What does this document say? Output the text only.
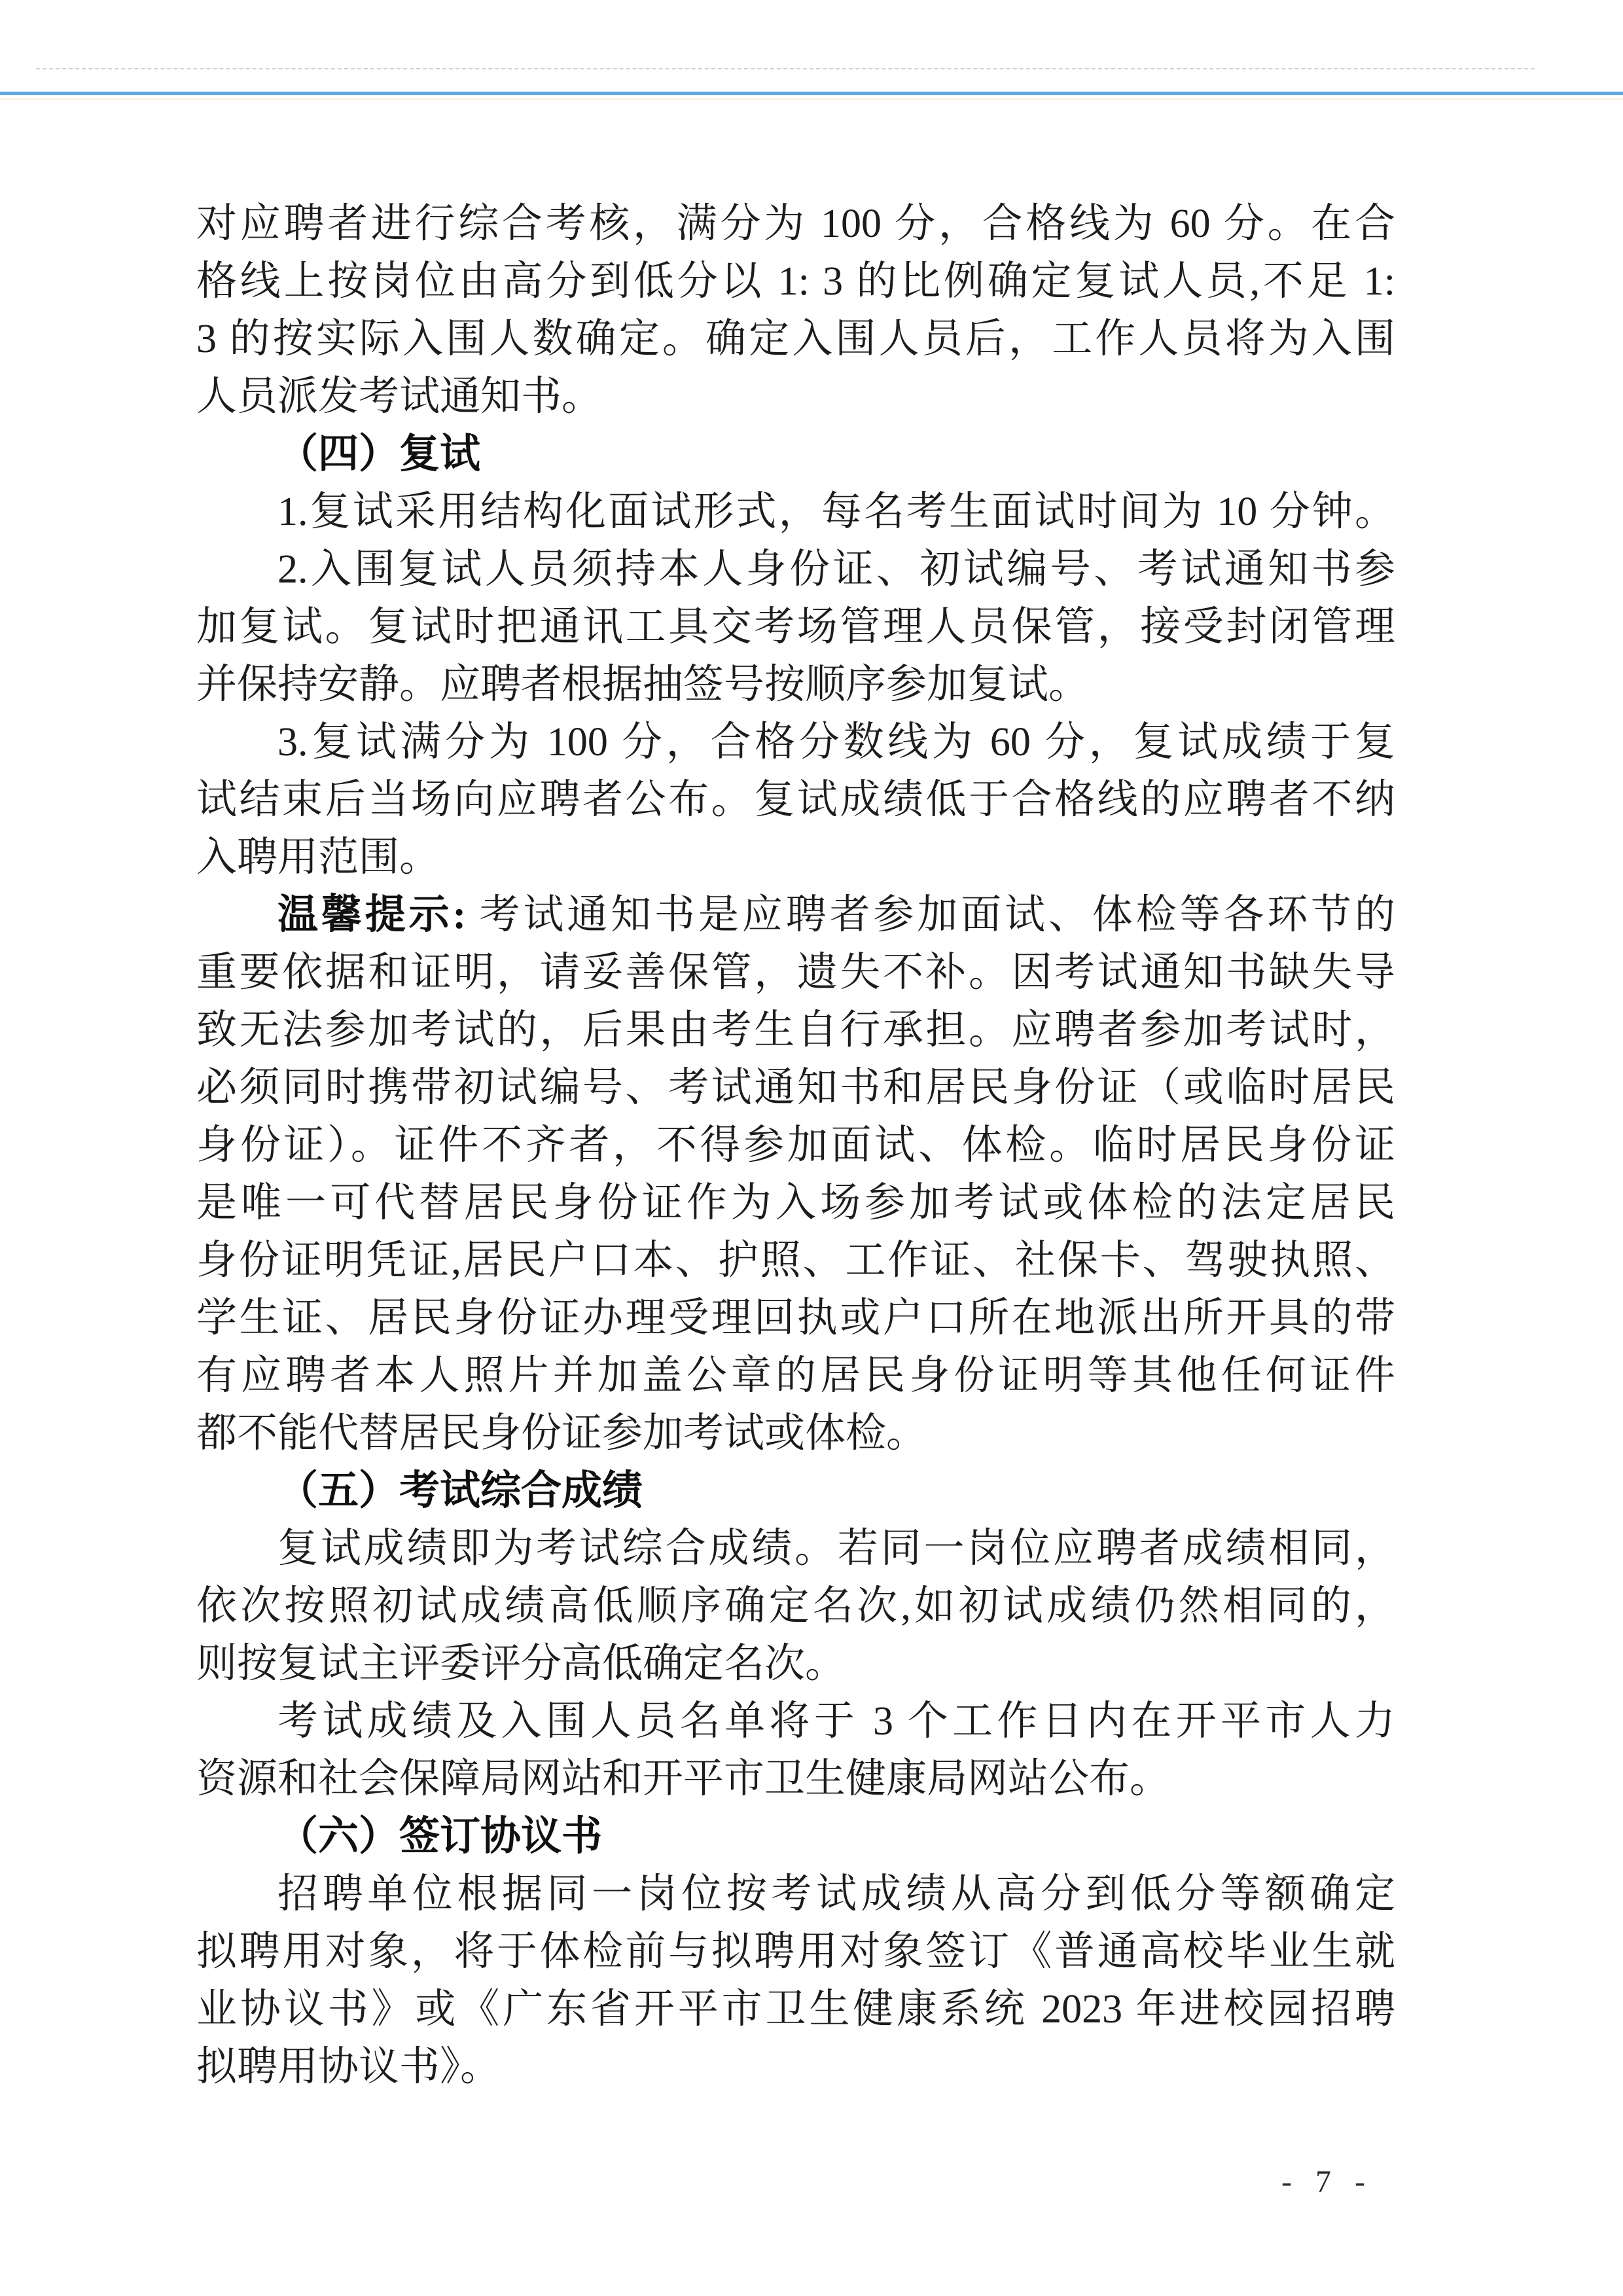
对应聘者进行综合考核，满分为 100 分，合格线为 60 分。在合
格线上按岗位由高分到低分以 1: 3 的比例确定复试人员,不足 1:
3 的按实际入围人数确定。确定入围人员后，工作人员将为入围
人员派发考试通知书。
（四）复试
1.复试采用结构化面试形式，每名考生面试时间为 10 分钟。
2.入围复试人员须持本人身份证、初试编号、考试通知书参
加复试。复试时把通讯工具交考场管理人员保管，接受封闭管理
并保持安静。应聘者根据抽签号按顺序参加复试。
3.复试满分为 100 分，合格分数线为 60 分，复试成绩于复
试结束后当场向应聘者公布。复试成绩低于合格线的应聘者不纳
入聘用范围。
温馨提示: 考试通知书是应聘者参加面试、体检等各环节的
重要依据和证明，请妥善保管，遗失不补。因考试通知书缺失导
致无法参加考试的，后果由考生自行承担。应聘者参加考试时，
必须同时携带初试编号、考试通知书和居民身份证（或临时居民
身份证）。证件不齐者，不得参加面试、体检。临时居民身份证
是唯一可代替居民身份证作为入场参加考试或体检的法定居民
身份证明凭证,居民户口本、护照、工作证、社保卡、驾驶执照、
学生证、居民身份证办理受理回执或户口所在地派出所开具的带
有应聘者本人照片并加盖公章的居民身份证明等其他任何证件
都不能代替居民身份证参加考试或体检。
（五）考试综合成绩
复试成绩即为考试综合成绩。若同一岗位应聘者成绩相同，
依次按照初试成绩高低顺序确定名次,如初试成绩仍然相同的，
则按复试主评委评分高低确定名次。
考试成绩及入围人员名单将于 3 个工作日内在开平市人力
资源和社会保障局网站和开平市卫生健康局网站公布。
（六）签订协议书
招聘单位根据同一岗位按考试成绩从高分到低分等额确定
拟聘用对象，将于体检前与拟聘用对象签订《普通高校毕业生就
业协议书》或《广东省开平市卫生健康系统 2023 年进校园招聘
拟聘用协议书》。
- 7 -
